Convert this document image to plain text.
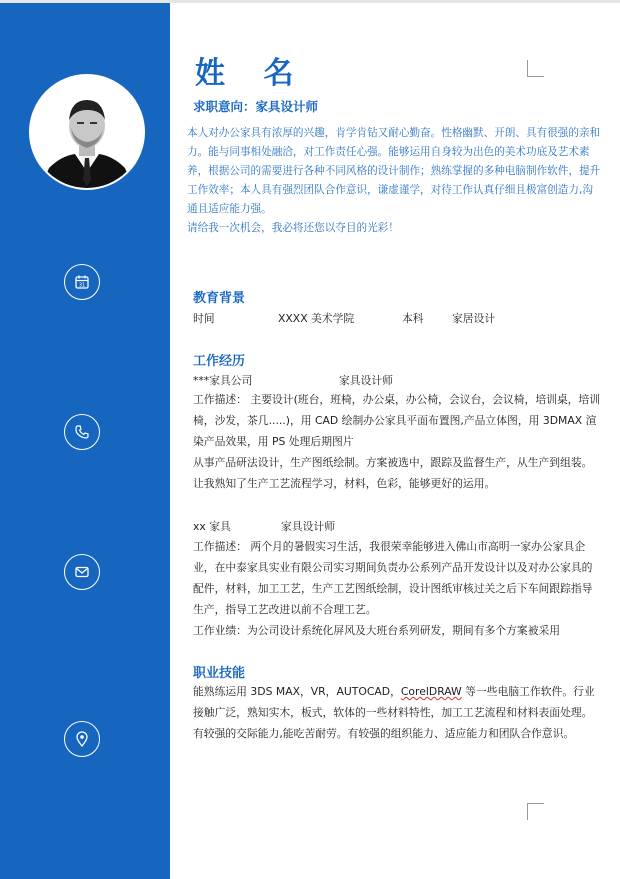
31
姓 名
求职意向：家具设计师
本人对办公家具有浓厚的兴趣，肯学肯钻又耐心勤奋。性格幽默、开朗、具有很强的亲和力。能与同事相处融洽，对工作责任心强。能够运用自身较为出色的美术功底及艺术素养，根据公司的需要进行各种不同风格的设计制作；熟练掌握的多种电脑制作软件，提升工作效率；本人具有强烈团队合作意识，谦虚谨学，对待工作认真仔细且极富创造力,沟通且适应能力强。
请给我一次机会，我必将还您以夺目的光彩！
教育背景
时间	XXXX 美术学院	本科	家居设计
工作经历
***家具公司	家具设计师
工作描述： 主要设计(班台，班椅，办公桌，办公椅，会议台，会议椅，培训桌，培训椅，沙发，茶几.....)，用 CAD 绘制办公家具平面布置图,产品立体图，用 3DMAX 渲染产品效果，用 PS 处理后期图片
从事产品研法设计，生产图纸绘制。方案被选中，跟踪及监督生产，从生产到组装。让我熟知了生产工艺流程学习，材料，色彩，能够更好的运用。
xx 家具	家具设计师
工作描述： 两个月的暑假实习生活，我很荣幸能够进入佛山市高明一家办公家具企业，在中泰家具实业有限公司实习期间负责办公系列产品开发设计以及对办公家具的配件，材料，加工工艺，生产工艺图纸绘制，设计图纸审核过关之后下车间跟踪指导生产，指导工艺改进以前不合理工艺。
工作业绩：为公司设计系统化屏风及大班台系列研发，期间有多个方案被采用
职业技能
能熟练运用 3DS MAX，VR，AUTOCAD，CorelDRAW 等一些电脑工作软件。行业接触广泛，熟知实木，板式，软体的一些材料特性，加工工艺流程和材料表面处理。有较强的交际能力,能吃苦耐劳。有较强的组织能力、适应能力和团队合作意识。
